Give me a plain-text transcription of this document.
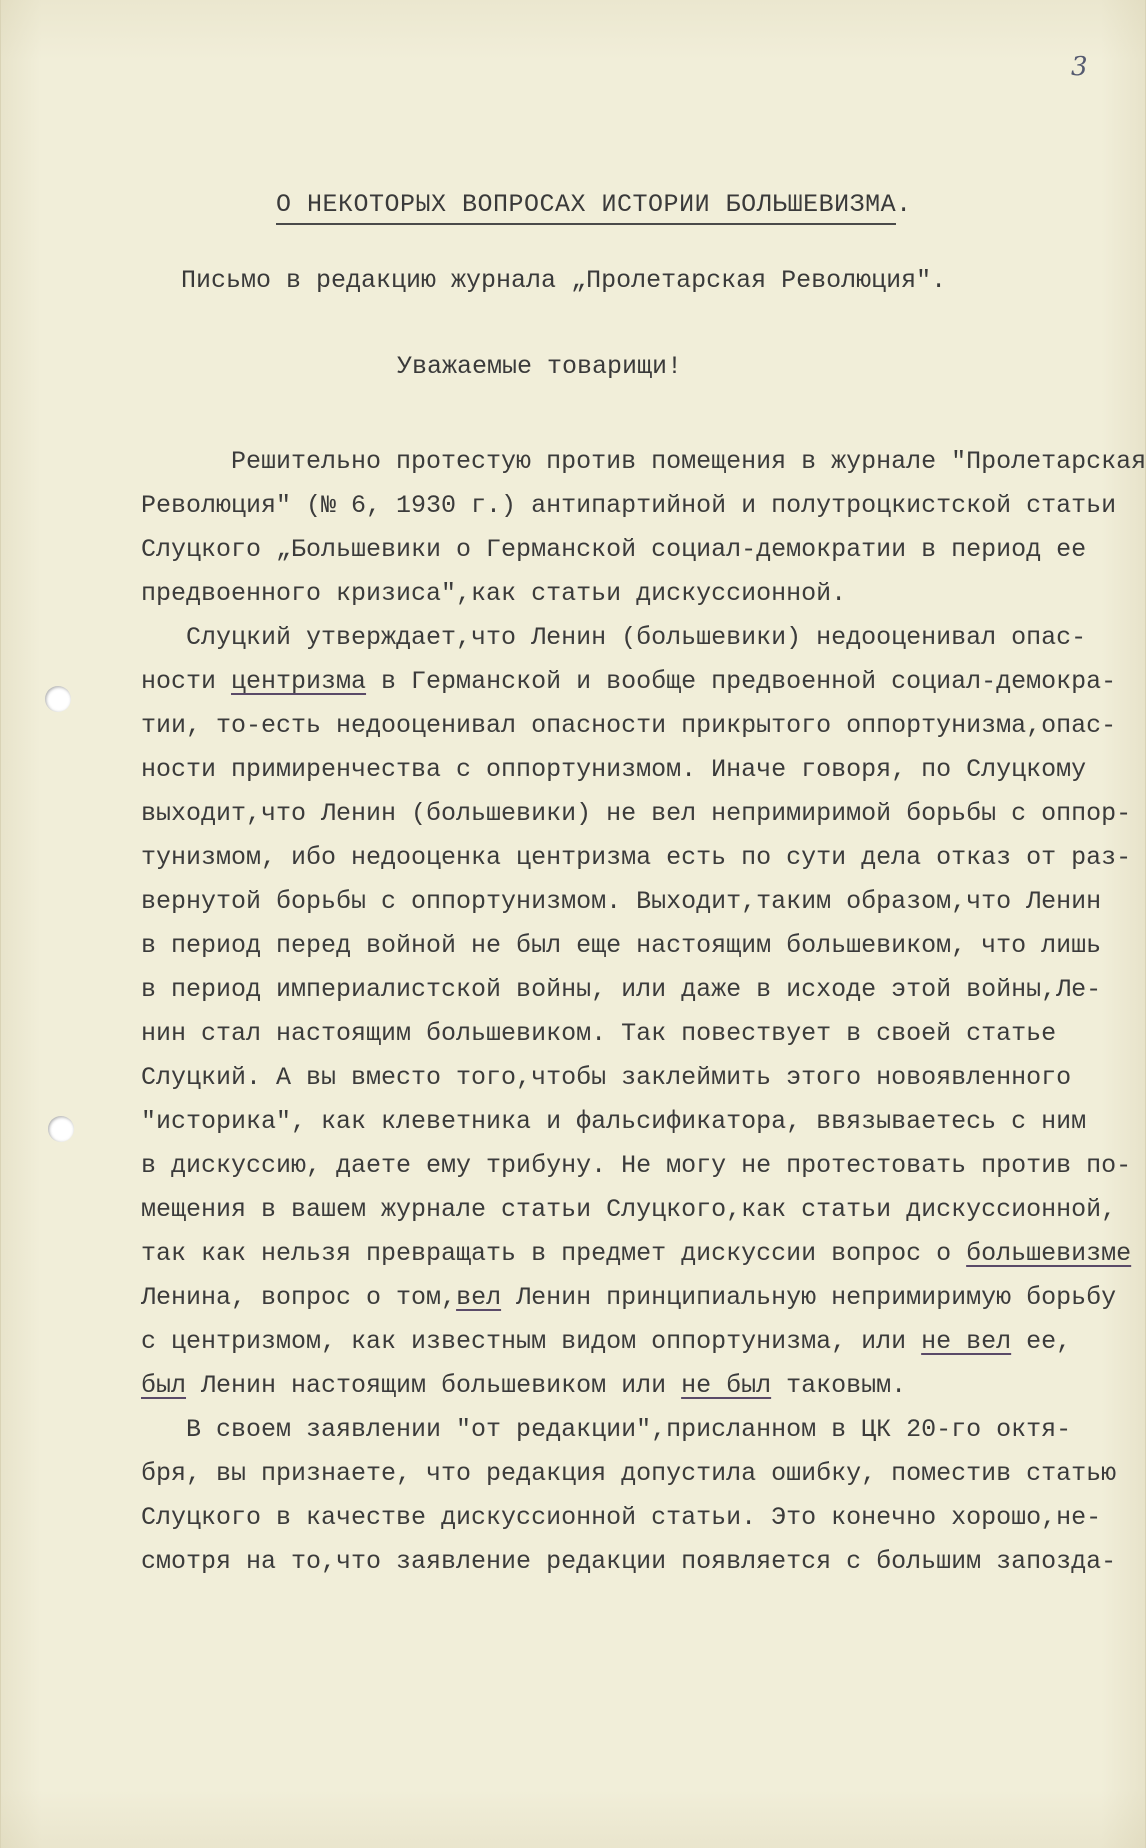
3
О НЕКОТОРЫХ ВОПРОСАХ ИСТОРИИ БОЛЬШЕВИЗМА.
Письмо в редакцию журнала „Пролетарская Революция".
Уважаемые товарищи!
Решительно протестую против помещения в журнале "Пролетарская
Революция" (№ 6, 1930 г.) антипартийной и полутроцкистской статьи
Слуцкого „Большевики о Германской социал-демократии в период ее
предвоенного кризиса",как статьи дискуссионной.
Слуцкий утверждает,что Ленин (большевики) недооценивал опас-
ности центризма в Германской и вообще предвоенной социал-демокра-
тии, то-есть недооценивал опасности прикрытого оппортунизма,опас-
ности примиренчества с оппортунизмом. Иначе говоря, по Слуцкому
выходит,что Ленин (большевики) не вел непримиримой борьбы с оппор-
тунизмом, ибо недооценка центризма есть по сути дела отказ от раз-
вернутой борьбы с оппортунизмом. Выходит,таким образом,что Ленин
в период перед войной не был еще настоящим большевиком, что лишь
в период империалистской войны, или даже в исходе этой войны,Ле-
нин стал настоящим большевиком. Так повествует в своей статье
Слуцкий. А вы вместо того,чтобы заклеймить этого новоявленного
"историка", как клеветника и фальсификатора, ввязываетесь с ним
в дискуссию, даете ему трибуну. Не могу не протестовать против по-
мещения в вашем журнале статьи Слуцкого,как статьи дискуссионной,
так как нельзя превращать в предмет дискуссии вопрос о большевизме
Ленина, вопрос о том,вел Ленин принципиальную непримиримую борьбу
с центризмом, как известным видом оппортунизма, или не вел ее,
был Ленин настоящим большевиком или не был таковым.
В своем заявлении "от редакции",присланном в ЦК 20-го октя-
бря, вы признаете, что редакция допустила ошибку, поместив статью
Слуцкого в качестве дискуссионной статьи. Это конечно хорошо,не-
смотря на то,что заявление редакции появляется с большим запозда-
